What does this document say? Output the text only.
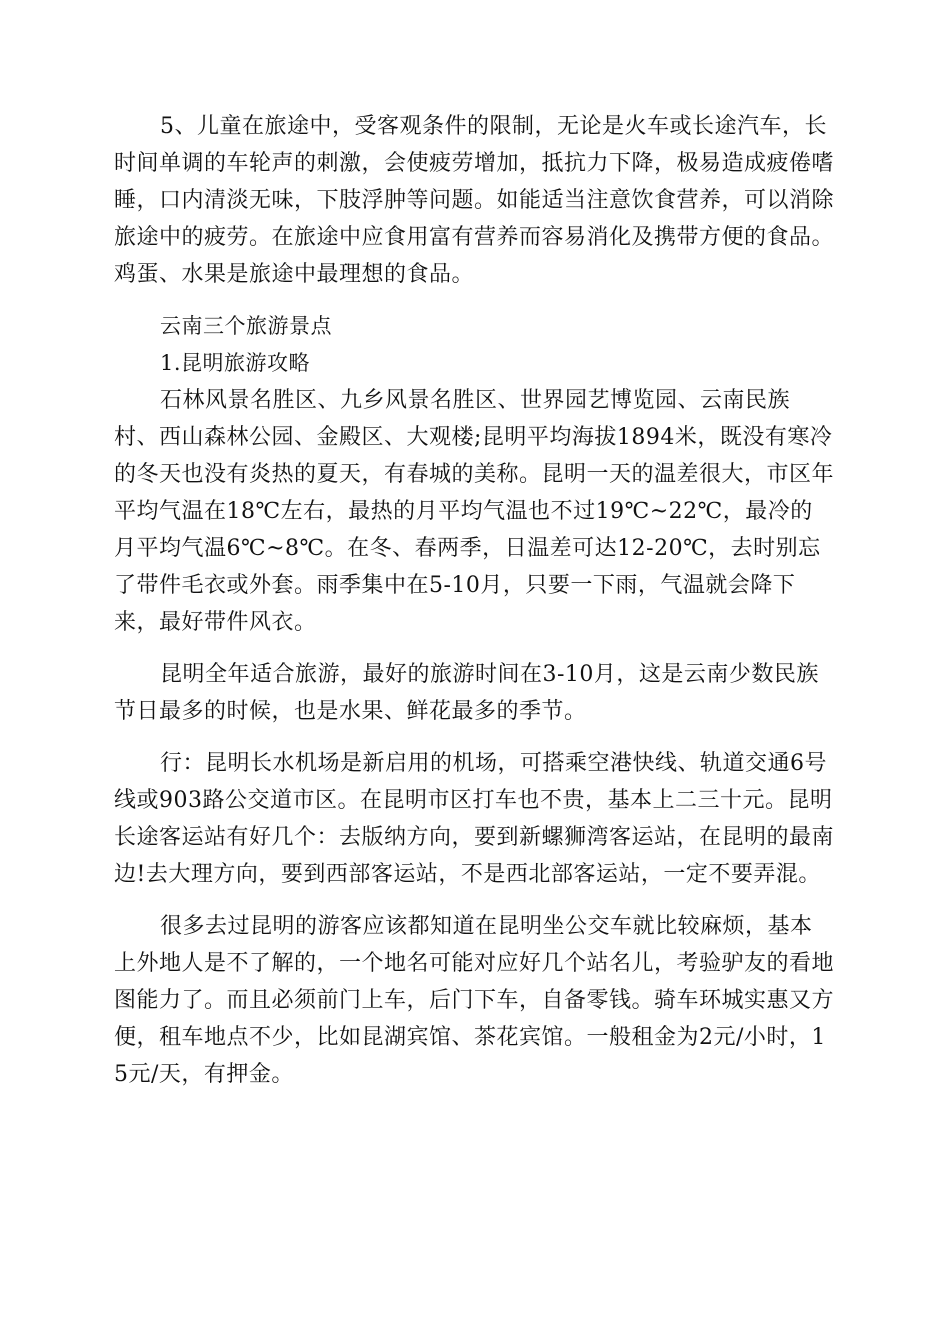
5、儿童在旅途中，受客观条件的限制，无论是火车或长途汽车，长时间单调的车轮声的刺激，会使疲劳增加，抵抗力下降，极易造成疲倦嗜睡，口内清淡无味，下肢浮肿等问题。如能适当注意饮食营养，可以消除旅途中的疲劳。在旅途中应食用富有营养而容易消化及携带方便的食品。鸡蛋、水果是旅途中最理想的食品。

云南三个旅游景点

1.昆明旅游攻略

石林风景名胜区、九乡风景名胜区、世界园艺博览园、云南民族村、西山森林公园、金殿区、大观楼;昆明平均海拔1894米，既没有寒冷的冬天也没有炎热的夏天，有春城的美称。昆明一天的温差很大，市区年平均气温在18℃左右，最热的月平均气温也不过19℃~22℃，最冷的月平均气温6℃~8℃。在冬、春两季，日温差可达12-20℃，去时别忘了带件毛衣或外套。雨季集中在5-10月，只要一下雨，气温就会降下来，最好带件风衣。

昆明全年适合旅游，最好的旅游时间在3-10月，这是云南少数民族节日最多的时候，也是水果、鲜花最多的季节。

行：昆明长水机场是新启用的机场，可搭乘空港快线、轨道交通6号线或903路公交道市区。在昆明市区打车也不贵，基本上二三十元。昆明长途客运站有好几个：去版纳方向，要到新螺狮湾客运站，在昆明的最南边!去大理方向，要到西部客运站，不是西北部客运站，一定不要弄混。

很多去过昆明的游客应该都知道在昆明坐公交车就比较麻烦，基本上外地人是不了解的，一个地名可能对应好几个站名儿，考验驴友的看地图能力了。而且必须前门上车，后门下车，自备零钱。骑车环城实惠又方便，租车地点不少，比如昆湖宾馆、茶花宾馆。一般租金为2元/小时，15元/天，有押金。
